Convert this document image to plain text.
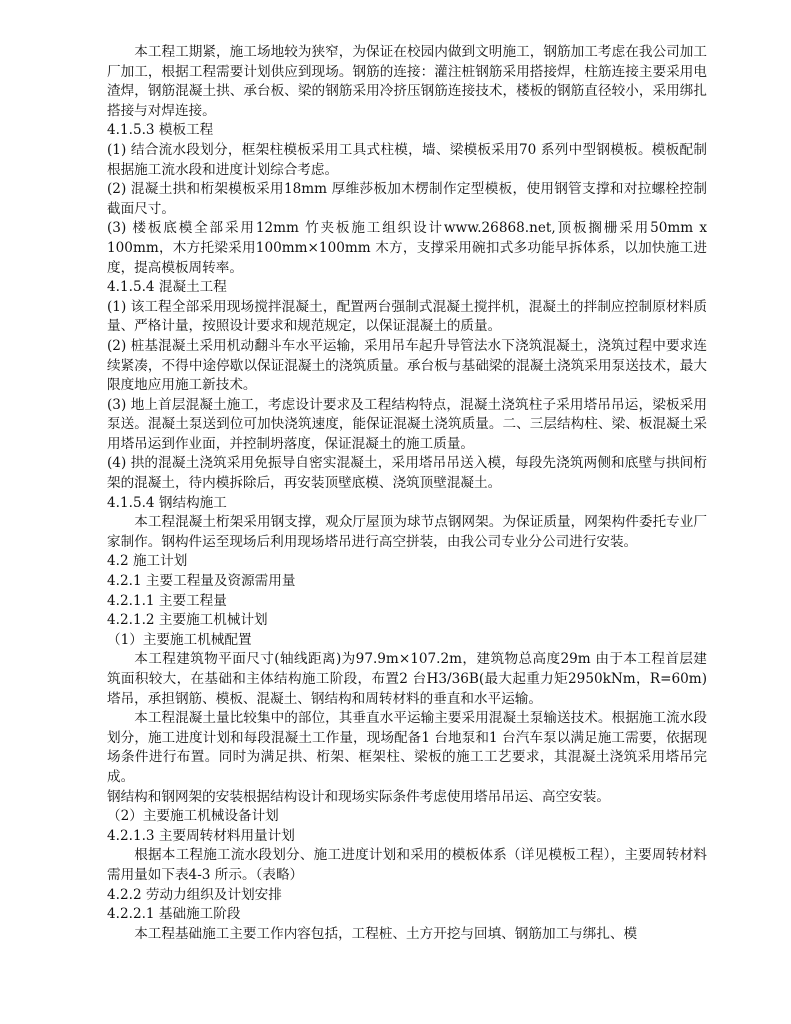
本工程工期紧，施工场地较为狭窄，为保证在校园内做到文明施工，钢筋加工考虑在我公司加工厂加工，根据工程需要计划供应到现场。钢筋的连接：灌注桩钢筋采用搭接焊，柱筋连接主要采用电渣焊，钢筋混凝土拱、承台板、梁的钢筋采用冷挤压钢筋连接技术，楼板的钢筋直径较小，采用绑扎搭接与对焊连接。

4.1.5.3 模板工程

(1) 结合流水段划分，框架柱模板采用工具式柱模，墙、梁模板采用70 系列中型钢模板。模板配制根据施工流水段和进度计划综合考虑。

(2) 混凝土拱和桁架模板采用18mm 厚维莎板加木楞制作定型模板，使用钢管支撑和对拉螺栓控制截面尺寸。

(3) 楼板底模全部采用12mm 竹夹板施工组织设计www.26868.net,顶板搁栅采用50mm x 100mm，木方托梁采用100mm×100mm 木方，支撑采用碗扣式多功能早拆体系，以加快施工进度，提高模板周转率。

4.1.5.4 混凝土工程

(1) 该工程全部采用现场搅拌混凝土，配置两台强制式混凝土搅拌机，混凝土的拌制应控制原材料质量、严格计量，按照设计要求和规范规定，以保证混凝土的质量。

(2) 桩基混凝土采用机动翻斗车水平运输，采用吊车起升导管法水下浇筑混凝土，浇筑过程中要求连续紧凑，不得中途停歇以保证混凝土的浇筑质量。承台板与基础梁的混凝土浇筑采用泵送技术，最大限度地应用施工新技术。

(3) 地上首层混凝土施工，考虑设计要求及工程结构特点，混凝土浇筑柱子采用塔吊吊运，梁板采用泵送。混凝土泵送到位可加快浇筑速度，能保证混凝土浇筑质量。二、三层结构柱、梁、板混凝土采用塔吊运到作业面，并控制坍落度，保证混凝土的施工质量。

(4) 拱的混凝土浇筑采用免振导自密实混凝土，采用塔吊吊送入模，每段先浇筑两侧和底壁与拱间桁架的混凝土，待内模拆除后，再安装顶壁底模、浇筑顶壁混凝土。

4.1.5.4 钢结构施工

本工程混凝土桁架采用钢支撑，观众厅屋顶为球节点钢网架。为保证质量，网架构件委托专业厂家制作。钢构件运至现场后利用现场塔吊进行高空拼装，由我公司专业分公司进行安装。

4.2 施工计划
4.2.1 主要工程量及资源需用量
4.2.1.1 主要工程量
4.2.1.2 主要施工机械计划
（1）主要施工机械配置

本工程建筑物平面尺寸(轴线距离)为97.9m×107.2m，建筑物总高度29m 由于本工程首层建筑面积较大，在基础和主体结构施工阶段，布置2 台H3/36B(最大起重力矩2950kNm，R=60m)塔吊，承担钢筋、模板、混凝土、钢结构和周转材料的垂直和水平运输。

本工程混凝土量比较集中的部位，其垂直水平运输主要采用混凝土泵输送技术。根据施工流水段划分，施工进度计划和每段混凝土工作量，现场配备1 台地泵和1 台汽车泵以满足施工需要，依据现场条件进行布置。同时为满足拱、桁架、框架柱、梁板的施工工艺要求，其混凝土浇筑采用塔吊完成。

钢结构和钢网架的安装根据结构设计和现场实际条件考虑使用塔吊吊运、高空安装。

（2）主要施工机械设备计划
4.2.1.3 主要周转材料用量计划

根据本工程施工流水段划分、施工进度计划和采用的模板体系（详见模板工程），主要周转材料需用量如下表4-3 所示。（表略）

4.2.2 劳动力组织及计划安排
4.2.2.1 基础施工阶段

本工程基础施工主要工作内容包括，工程桩、土方开挖与回填、钢筋加工与绑扎、模
